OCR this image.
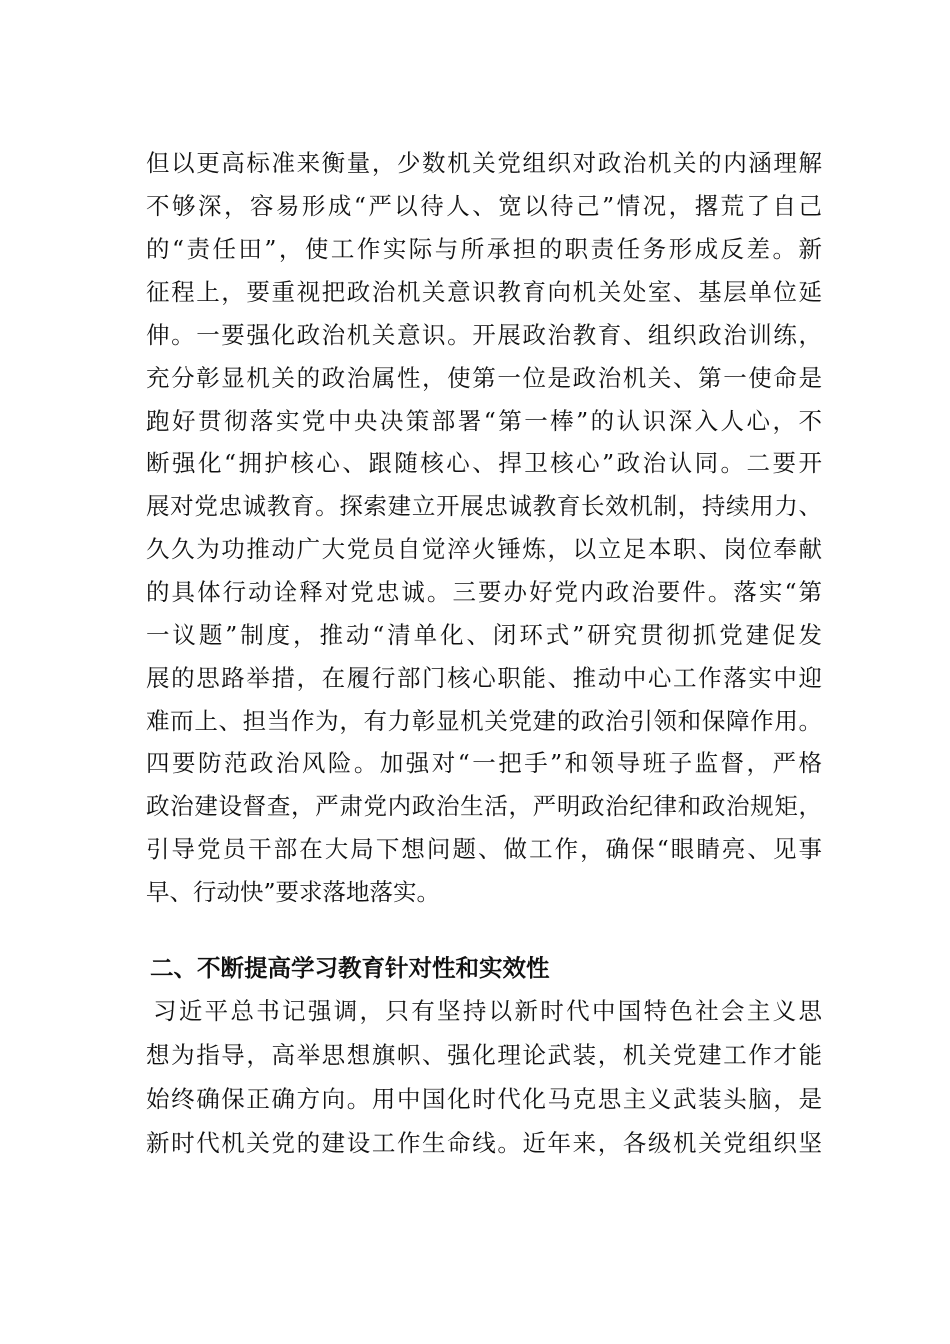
但以更高标准来衡量，少数机关党组织对政治机关的内涵理解
不够深，容易形成“严以待人、宽以待己”情况，撂荒了自己
的“责任田”，使工作实际与所承担的职责任务形成反差。新
征程上，要重视把政治机关意识教育向机关处室、基层单位延
伸。一要强化政治机关意识。开展政治教育、组织政治训练，
充分彰显机关的政治属性，使第一位是政治机关、第一使命是
跑好贯彻落实党中央决策部署“第一棒”的认识深入人心，不
断强化“拥护核心、跟随核心、捍卫核心”政治认同。二要开
展对党忠诚教育。探索建立开展忠诚教育长效机制，持续用力、
久久为功推动广大党员自觉淬火锤炼，以立足本职、岗位奉献
的具体行动诠释对党忠诚。三要办好党内政治要件。落实“第
一议题”制度，推动“清单化、闭环式”研究贯彻抓党建促发
展的思路举措，在履行部门核心职能、推动中心工作落实中迎
难而上、担当作为，有力彰显机关党建的政治引领和保障作用。
四要防范政治风险。加强对“一把手”和领导班子监督，严格
政治建设督查，严肃党内政治生活，严明政治纪律和政治规矩，
引导党员干部在大局下想问题、做工作，确保“眼睛亮、见事
早、行动快”要求落地落实。
二、不断提高学习教育针对性和实效性
习近平总书记强调，只有坚持以新时代中国特色社会主义思
想为指导，高举思想旗帜、强化理论武装，机关党建工作才能
始终确保正确方向。用中国化时代化马克思主义武装头脑，是
新时代机关党的建设工作生命线。近年来，各级机关党组织坚
